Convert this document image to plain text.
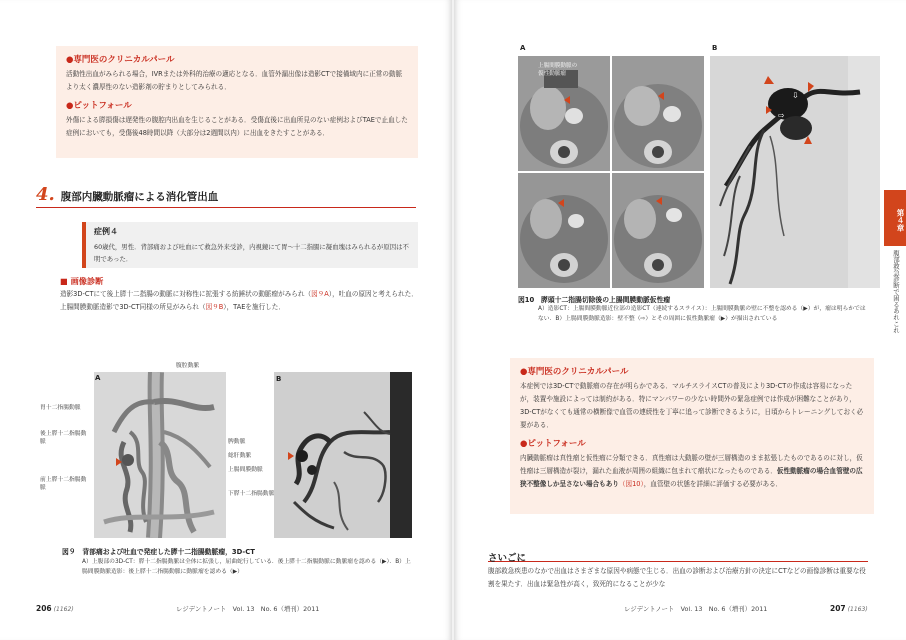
●専門医のクリニカルパール
活動性出血がみられる場合，IVRまたは外科的治療の適応となる．血管外漏出像は造影CTで接備域内に正常の動脈より太く濃厚性のない造影剤の貯まりとしてみられる．
●ピットフォール
外傷による膵損傷は遅発性の腹腔内出血を生じることがある．受傷直後に出血所見のない症例およびTAEで止血した症例においても，受傷後48時間以降（大部分は2週間以内）に出血をきたすことがある．
4. 腹部内臓動脈瘤による消化管出血
症例４
60歳代，男性．背部痛および吐血にて救急外来受診，内視鏡にて胃～十二指腸に凝血塊はみられるが原因は不明であった．
■ 画像診断
造影3D-CTにて後上膵十二指腸の動脈に対称性に拡張する紡錘状の動脈瘤がみられ（図９A），吐血の原因と考えられた．上腸間膜動脈造影で3D-CT同様の所見がみられ（図９B），TAEを施行した．
A
腹腔動脈
胃十二指腸動脈
後上膵十二指腸動脈
前上膵十二指腸動脈
脾動脈
総肝動脈
上腸間膜動脈
下膵十二指腸動脈
B
図９　背部痛および吐血で発症した膵十二指腸動脈瘤，3D-CT
A）上腹部の3D-CT：膵十二指腸動脈は全体に拡張し，屈曲蛇行している．後上膵十二指腸動脈に動脈瘤を認める（▶）．B）上腸間膜動脈造影：後上膵十二指腸動脈に動脈瘤を認める（▶）
206 (1162)	レジデントノート　Vol. 13　No. 6（増刊）2011
A	B
上腸間膜動脈の仮性動脈瘤
⇩
⇨
図10　膵頭十二指腸切除後の上腸間膜動脈仮性瘤
A）造影CT：上腸間膜動脈近位部の造影CT（連続するスライス）：上腸間膜動脈の壁に不整を認める（▶）が，瘤は明らかではない．B）上腸間膜動脈造影：壁不整（⇨）とその周囲に仮性動脈瘤（▶）が描出されている
●専門医のクリニカルパール
本症例では3D-CTで動脈瘤の存在が明らかである．マルチスライスCTの普及により3D-CTの作成は容易になったが，装置や施設によっては制約がある．特にマンパワーの少ない時間外の緊急症例では作成が困難なことがあり，3D-CTがなくても通常の横断像で血管の連続性を丁寧に追って診断できるように，日頃からトレーニングしておく必要がある．
●ピットフォール
内臓動脈瘤は真性瘤と仮性瘤に分類できる．真性瘤は大動脈の壁が三層構造のまま拡張したものであるのに対し，仮性瘤は三層構造が裂け，漏れた血液が周囲の組織に包まれて瘤状になったものである．仮性動脈瘤の場合血管壁の広狭不整像しか呈さない場合もあり（図10），血管壁の状態を詳細に評価する必要がある．
さいごに
腹部救急疾患のなかで出血はさまざまな原因や病態で生じる．出血の診断および治療方針の決定にCTなどの画像診断は重要な役割を果たす．出血は緊急性が高く，致死的になることが少な
第４章
腹部救急診断で困るあれこれ
レジデントノート　Vol. 13　No. 6（増刊）2011	207 (1163)
